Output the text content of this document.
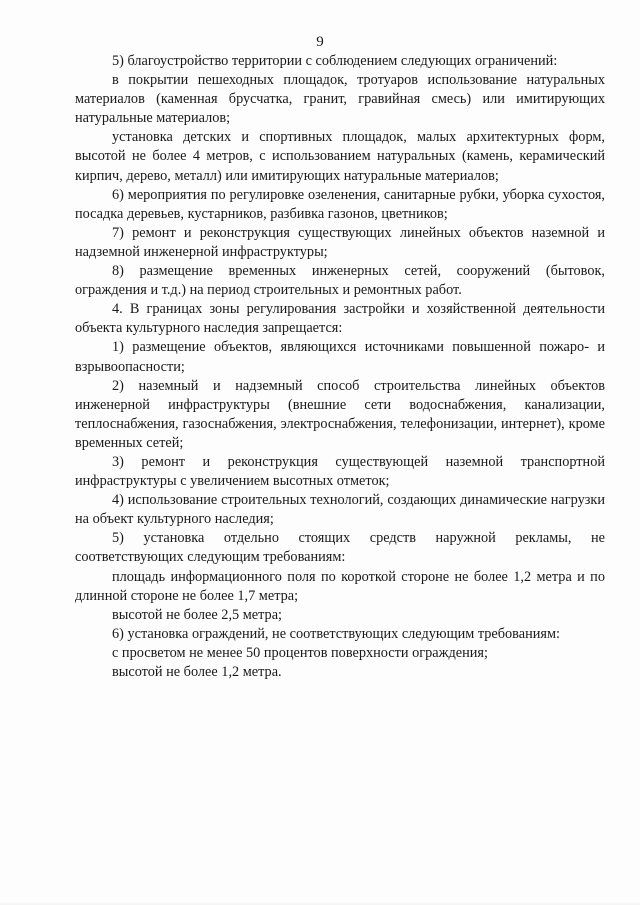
9

5) благоустройство территории с соблюдением следующих ограничений:

в покрытии пешеходных площадок, тротуаров использование натуральных материалов (каменная брусчатка, гранит, гравийная смесь) или имитирующих натуральные материалов;

установка детских и спортивных площадок, малых архитектурных форм, высотой не более 4 метров, с использованием натуральных (камень, керамический кирпич, дерево, металл) или имитирующих натуральные материалов;

6) мероприятия по регулировке озеленения, санитарные рубки, уборка сухостоя, посадка деревьев, кустарников, разбивка газонов, цветников;

7) ремонт и реконструкция существующих линейных объектов наземной и надземной инженерной инфраструктуры;

8) размещение временных инженерных сетей, сооружений (бытовок, ограждения и т.д.) на период строительных и ремонтных работ.

4. В границах зоны регулирования застройки и хозяйственной деятельности объекта культурного наследия запрещается:

1) размещение объектов, являющихся источниками повышенной пожаро- и взрывоопасности;

2) наземный и надземный способ строительства линейных объектов инженерной инфраструктуры (внешние сети водоснабжения, канализации, теплоснабжения, газоснабжения, электроснабжения, телефонизации, интернет), кроме временных сетей;

3) ремонт и реконструкция существующей наземной транспортной инфраструктуры с увеличением высотных отметок;

4) использование строительных технологий, создающих динамические нагрузки на объект культурного наследия;

5) установка отдельно стоящих средств наружной рекламы, не соответствующих следующим требованиям:

площадь информационного поля по короткой стороне не более 1,2 метра и по длинной стороне не более 1,7 метра;

высотой не более 2,5 метра;

6) установка ограждений, не соответствующих следующим требованиям:

с просветом не менее 50 процентов поверхности ограждения;

высотой не более 1,2 метра.
